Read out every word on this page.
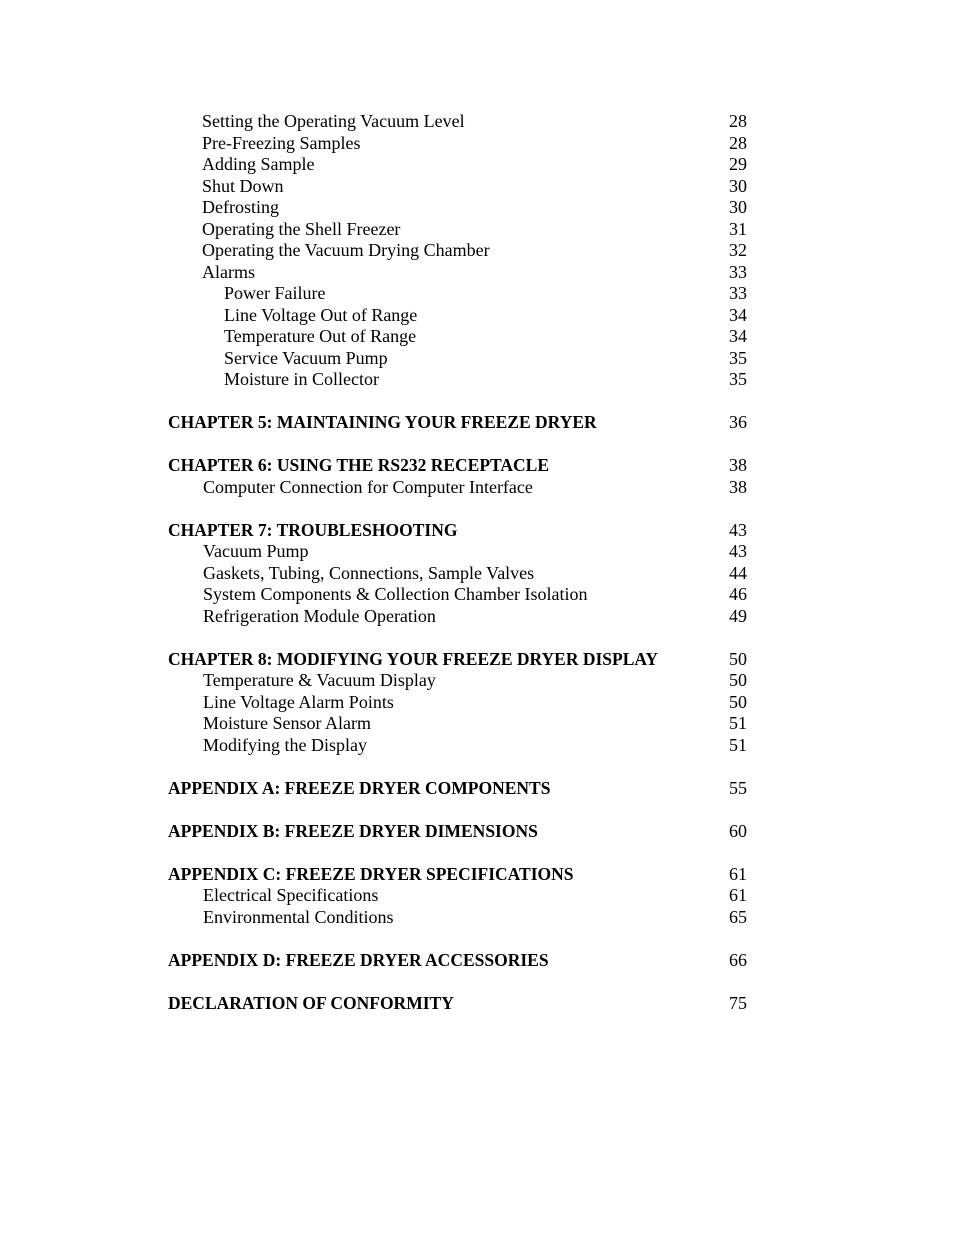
Setting the Operating Vacuum Level	28
Pre-Freezing Samples	28
Adding Sample	29
Shut Down	30
Defrosting	30
Operating the Shell Freezer	31
Operating the Vacuum Drying Chamber	32
Alarms	33
Power Failure	33
Line Voltage Out of Range	34
Temperature Out of Range	34
Service Vacuum Pump	35
Moisture in Collector	35
CHAPTER 5: MAINTAINING YOUR FREEZE DRYER	36
CHAPTER 6: USING THE RS232 RECEPTACLE	38
Computer Connection for Computer Interface	38
CHAPTER 7: TROUBLESHOOTING	43
Vacuum Pump	43
Gaskets, Tubing, Connections, Sample Valves	44
System Components & Collection Chamber Isolation	46
Refrigeration Module Operation	49
CHAPTER 8: MODIFYING YOUR FREEZE DRYER DISPLAY	50
Temperature & Vacuum Display	50
Line Voltage Alarm Points	50
Moisture Sensor Alarm	51
Modifying the Display	51
APPENDIX A: FREEZE DRYER COMPONENTS	55
APPENDIX B: FREEZE DRYER DIMENSIONS	60
APPENDIX C: FREEZE DRYER SPECIFICATIONS	61
Electrical Specifications	61
Environmental Conditions	65
APPENDIX D: FREEZE DRYER ACCESSORIES	66
DECLARATION OF CONFORMITY	75
